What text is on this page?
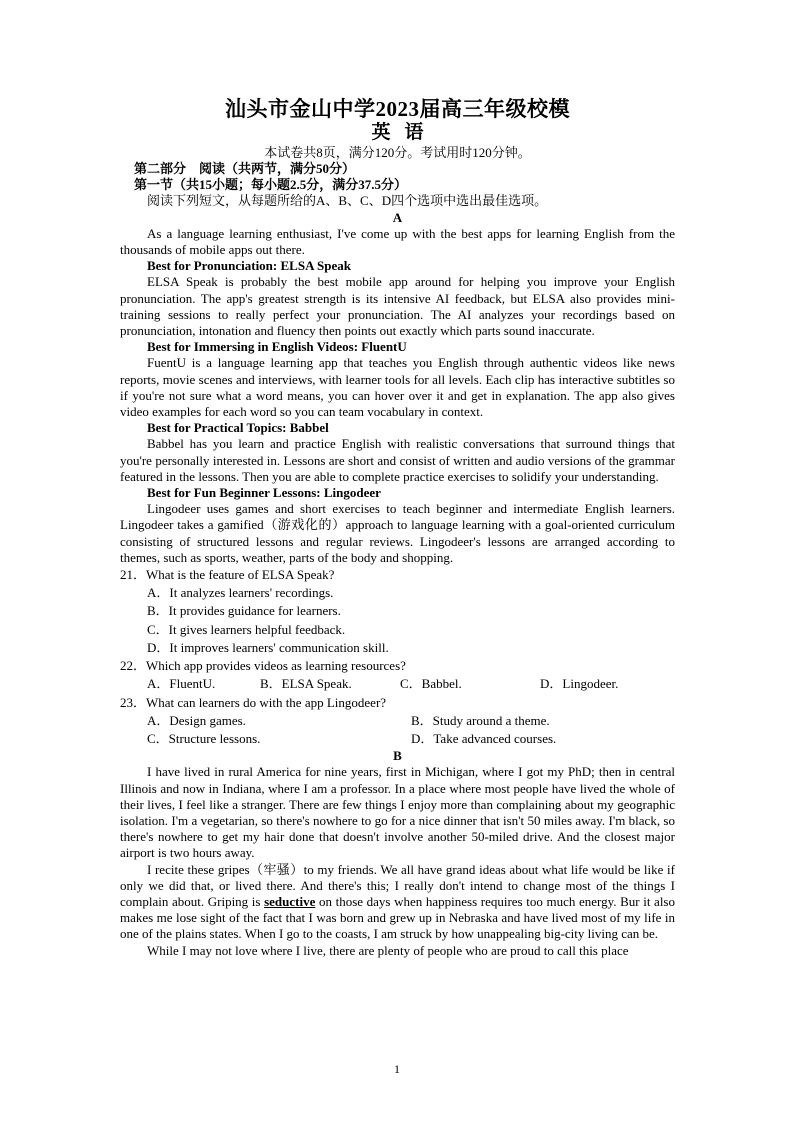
汕头市金山中学2023届高三年级校模

英语

本试卷共8页，满分120分。考试用时120分钟。

第二部分　阅读（共两节，满分50分）

第一节（共15小题；每小题2.5分，满分37.5分）

阅读下列短文，从每题所给的A、B、C、D四个选项中选出最佳选项。

A

As a language learning enthusiast, I've come up with the best apps for learning English from the thousands of mobile apps out there.

Best for Pronunciation: ELSA Speak

ELSA Speak is probably the best mobile app around for helping you improve your English pronunciation. The app's greatest strength is its intensive AI feedback, but ELSA also provides mini-training sessions to really perfect your pronunciation. The AI analyzes your recordings based on pronunciation, intonation and fluency then points out exactly which parts sound inaccurate.

Best for Immersing in English Videos: FluentU

FuentU is a language learning app that teaches you English through authentic videos like news reports, movie scenes and interviews, with learner tools for all levels. Each clip has interactive subtitles so if you're not sure what a word means, you can hover over it and get in explanation. The app also gives video examples for each word so you can team vocabulary in context.

Best for Practical Topics: Babbel

Babbel has you learn and practice English with realistic conversations that surround things that you're personally interested in. Lessons are short and consist of written and audio versions of the grammar featured in the lessons. Then you are able to complete practice exercises to solidify your understanding.

Best for Fun Beginner Lessons: Lingodeer

Lingodeer uses games and short exercises to teach beginner and intermediate English learners. Lingodeer takes a gamified（游戏化的）approach to language learning with a goal-oriented curriculum consisting of structured lessons and regular reviews. Lingodeer's lessons are arranged according to themes, such as sports, weather, parts of the body and shopping.

21．What is the feature of ELSA Speak?

A．It analyzes learners' recordings.

B．It provides guidance for learners.

C．It gives learners helpful feedback.

D．It improves learners' communication skill.

22．Which app provides videos as learning resources?

A．FluentU.	B．ELSA Speak.	C．Babbel.	D．Lingodeer.

23．What can learners do with the app Lingodeer?

A．Design games.	B．Study around a theme.
C．Structure lessons.	D．Take advanced courses.

B

I have lived in rural America for nine years, first in Michigan, where I got my PhD; then in central Illinois and now in Indiana, where I am a professor. In a place where most people have lived the whole of their lives, I feel like a stranger. There are few things I enjoy more than complaining about my geographic isolation. I'm a vegetarian, so there's nowhere to go for a nice dinner that isn't 50 miles away. I'm black, so there's nowhere to get my hair done that doesn't involve another 50-miled drive. And the closest major airport is two hours away.

I recite these gripes（牢骚）to my friends. We all have grand ideas about what life would be like if only we did that, or lived there. And there's this; I really don't intend to change most of the things I complain about. Griping is seductive on those days when happiness requires too much energy. Bur it also makes me lose sight of the fact that I was born and grew up in Nebraska and have lived most of my life in one of the plains states. When I go to the coasts, I am struck by how unappealing big-city living can be.

While I may not love where I live, there are plenty of people who are proud to call this place

1
